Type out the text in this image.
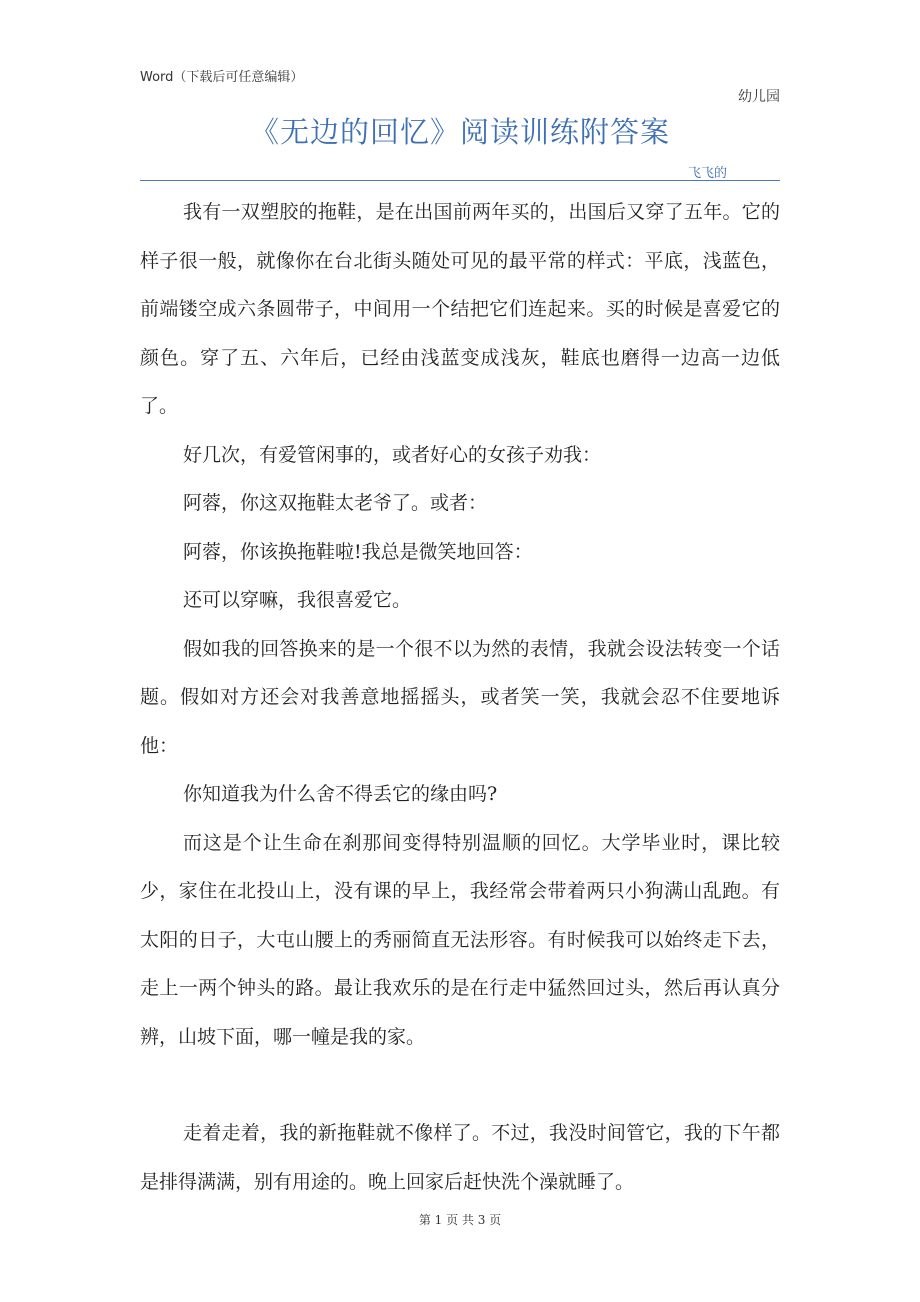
Word（下载后可任意编辑）
幼儿园
《无边的回忆》阅读训练附答案
飞飞的

我有一双塑胶的拖鞋，是在出国前两年买的，出国后又穿了五年。它的样子很一般，就像你在台北街头随处可见的最平常的样式：平底，浅蓝色，前端镂空成六条圆带子，中间用一个结把它们连起来。买的时候是喜爱它的颜色。穿了五、六年后，已经由浅蓝变成浅灰，鞋底也磨得一边高一边低了。

好几次，有爱管闲事的，或者好心的女孩子劝我：

阿蓉，你这双拖鞋太老爷了。或者：

阿蓉，你该换拖鞋啦!我总是微笑地回答：

还可以穿嘛，我很喜爱它。

假如我的回答换来的是一个很不以为然的表情，我就会设法转变一个话题。假如对方还会对我善意地摇摇头，或者笑一笑，我就会忍不住要地诉他：

你知道我为什么舍不得丢它的缘由吗?

而这是个让生命在刹那间变得特别温顺的回忆。大学毕业时，课比较少，家住在北投山上，没有课的早上，我经常会带着两只小狗满山乱跑。有太阳的日子，大屯山腰上的秀丽简直无法形容。有时候我可以始终走下去，走上一两个钟头的路。最让我欢乐的是在行走中猛然回过头，然后再认真分辨，山坡下面，哪一幢是我的家。

走着走着，我的新拖鞋就不像样了。不过，我没时间管它，我的下午都是排得满满，别有用途的。晚上回家后赶快洗个澡就睡了。

第 1 页 共 3 页
